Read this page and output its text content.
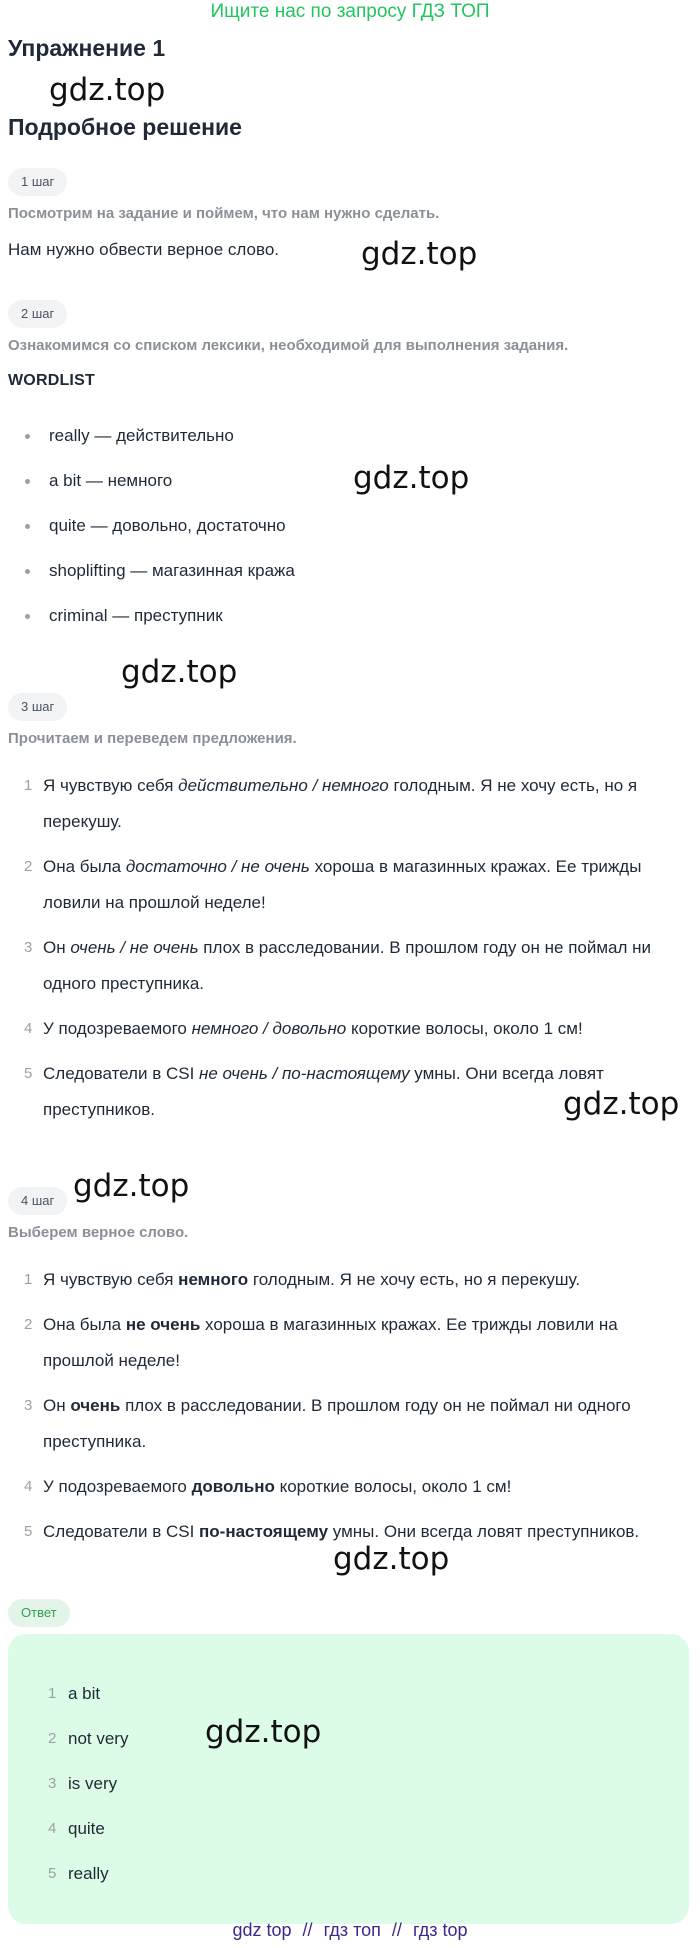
Ищите нас по запросу ГДЗ ТОП
Упражнение 1
gdz.top
Подробное решение
1 шаг
Посмотрим на задание и поймем, что нам нужно сделать.
Нам нужно обвести верное слово.	gdz.top
2 шаг
Ознакомимся со списком лексики, необходимой для выполнения задания.
WORDLIST
really — действительно
a bit — немного
quite — довольно, достаточно
shoplifting — магазинная кража
criminal — преступник
gdz.top
gdz.top
3 шаг
Прочитаем и переведем предложения.
1 Я чувствую себя действительно / немного голодным. Я не хочу есть, но я перекушу.
2 Она была достаточно / не очень хороша в магазинных кражах. Ее трижды ловили на прошлой неделе!
3 Он очень / не очень плох в расследовании. В прошлом году он не поймал ни одного преступника.
4 У подозреваемого немного / довольно короткие волосы, около 1 см!
5 Следователи в CSI не очень / по-настоящему умны. Они всегда ловят преступников.	gdz.top
4 шаг gdz.top
Выберем верное слово.
1 Я чувствую себя немного голодным. Я не хочу есть, но я перекушу.
2 Она была не очень хороша в магазинных кражах. Ее трижды ловили на прошлой неделе!
3 Он очень плох в расследовании. В прошлом году он не поймал ни одного преступника.
4 У подозреваемого довольно короткие волосы, около 1 см!
5 Следователи в CSI по-настоящему умны. Они всегда ловят преступников.
gdz.top
Ответ
1 a bit
2 not very
3 is very
4 quite
5 really
gdz.top
gdz top // гдз топ // гдз top
